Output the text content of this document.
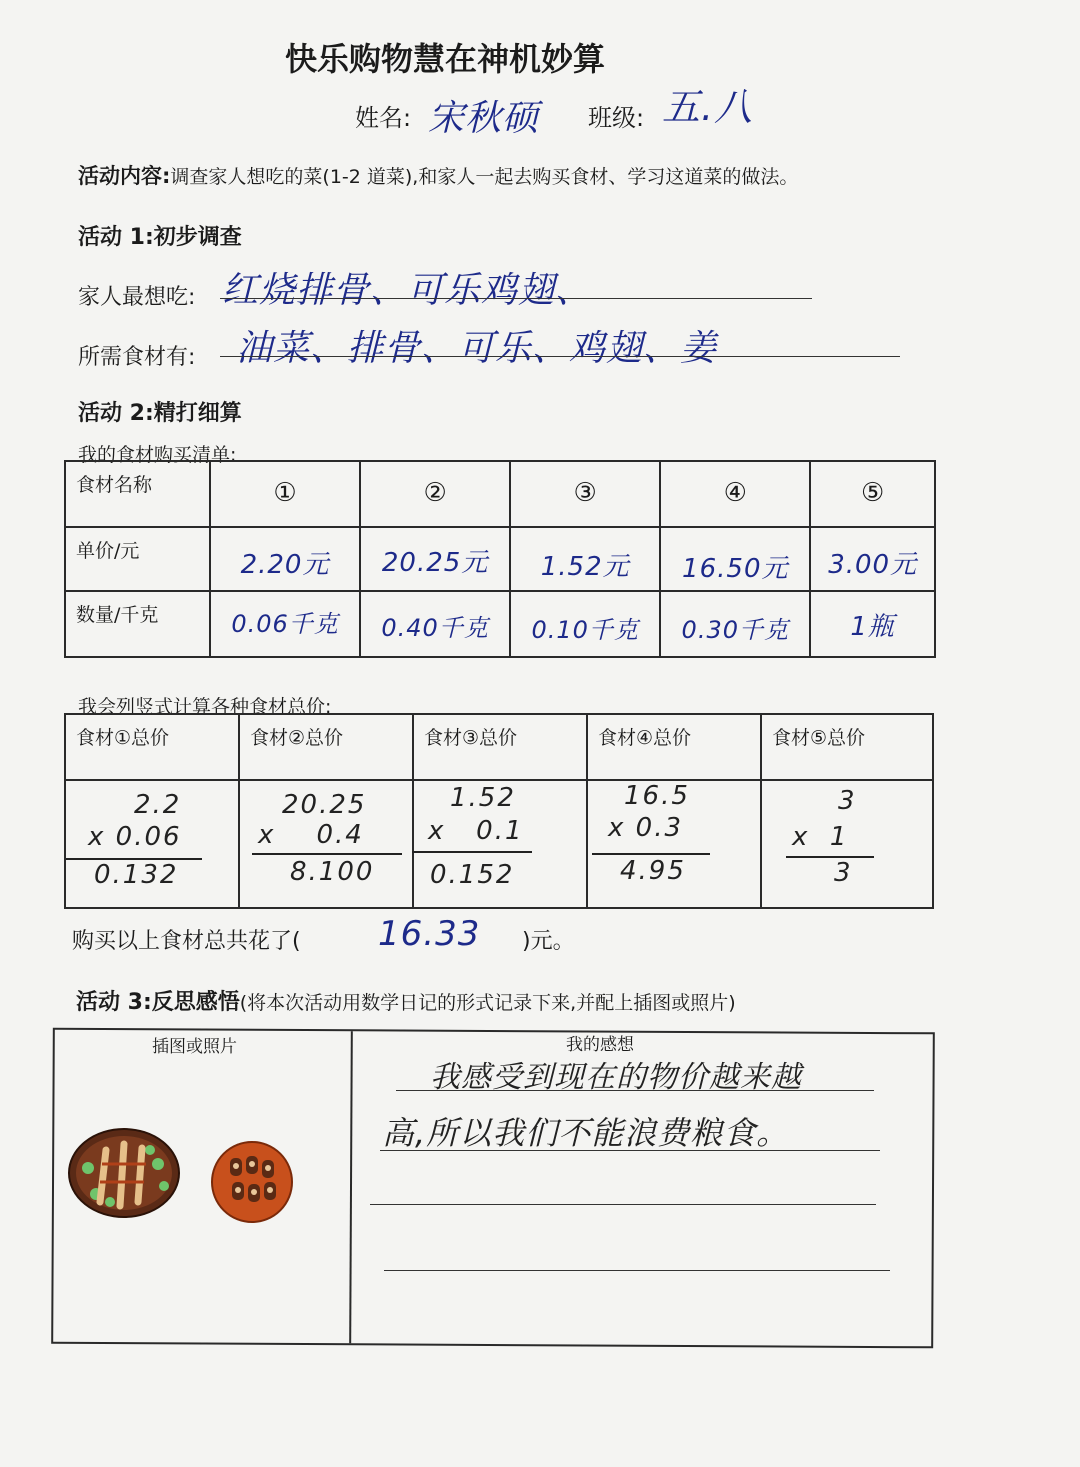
快乐购物慧在神机妙算
姓名: 宋秋硕 班级: 五.八
活动内容:调查家人想吃的菜(1-2 道菜),和家人一起去购买食材、学习这道菜的做法。
活动 1:初步调查
家人最想吃: 红烧排骨、可乐鸡翅、
所需食材有: 油菜、排骨、可乐、鸡翅、姜
活动 2:精打细算
我的食材购买清单:
食材名称	①	②	③	④	⑤

单价/元	2.20元	20.25元	1.52元	16.50元	3.00元

数量/千克	0.06千克	0.40千克	0.10千克	0.30千克	1瓶
我会列竖式计算各种食材总价:
食材①总价	食材②总价	食材③总价	食材④总价	食材⑤总价

2.2
x 0.06
0.132
20.25
x    0.4
8.100
1.52
x   0.1
0.152
16.5
x 0.3
4.95
3
x  1
3
购买以上食材总共花了( 16.33 )元。
活动 3:反思感悟(将本次活动用数学日记的形式记录下来,并配上插图或照片)
插图或照片	我的感想
我感受到现在的物价越来越
高,所以我们不能浪费粮食。
